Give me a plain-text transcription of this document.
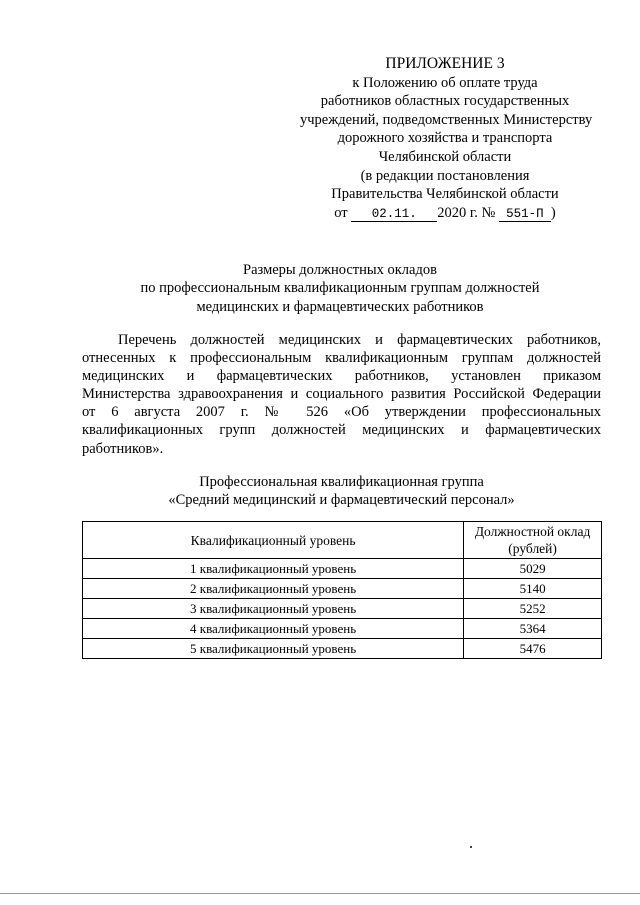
ПРИЛОЖЕНИЕ 3
к Положению об оплате труда
работников областных государственных
учреждений, подведомственных Министерству
дорожного хозяйства и транспорта
Челябинской области
(в редакции постановления
Правительства Челябинской области
от 02.11. 2020 г. № 551-П )
Размеры должностных окладов
по профессиональным квалификационным группам должностей
медицинских и фармацевтических работников
Перечень должностей медицинских и фармацевтических работников,
отнесенных к профессиональным квалификационным группам должностей
медицинских и фармацевтических работников, установлен приказом
Министерства здравоохранения и социального развития Российской Федерации
от 6 августа 2007 г. № 526 «Об утверждении профессиональных
квалификационных групп должностей медицинских и фармацевтических
работников».
Профессиональная квалификационная группа
«Средний медицинский и фармацевтический персонал»
Квалификационный уровень	Должностной оклад
(рублей)
1 квалификационный уровень	5029
2 квалификационный уровень	5140
3 квалификационный уровень	5252
4 квалификационный уровень	5364
5 квалификационный уровень	5476
